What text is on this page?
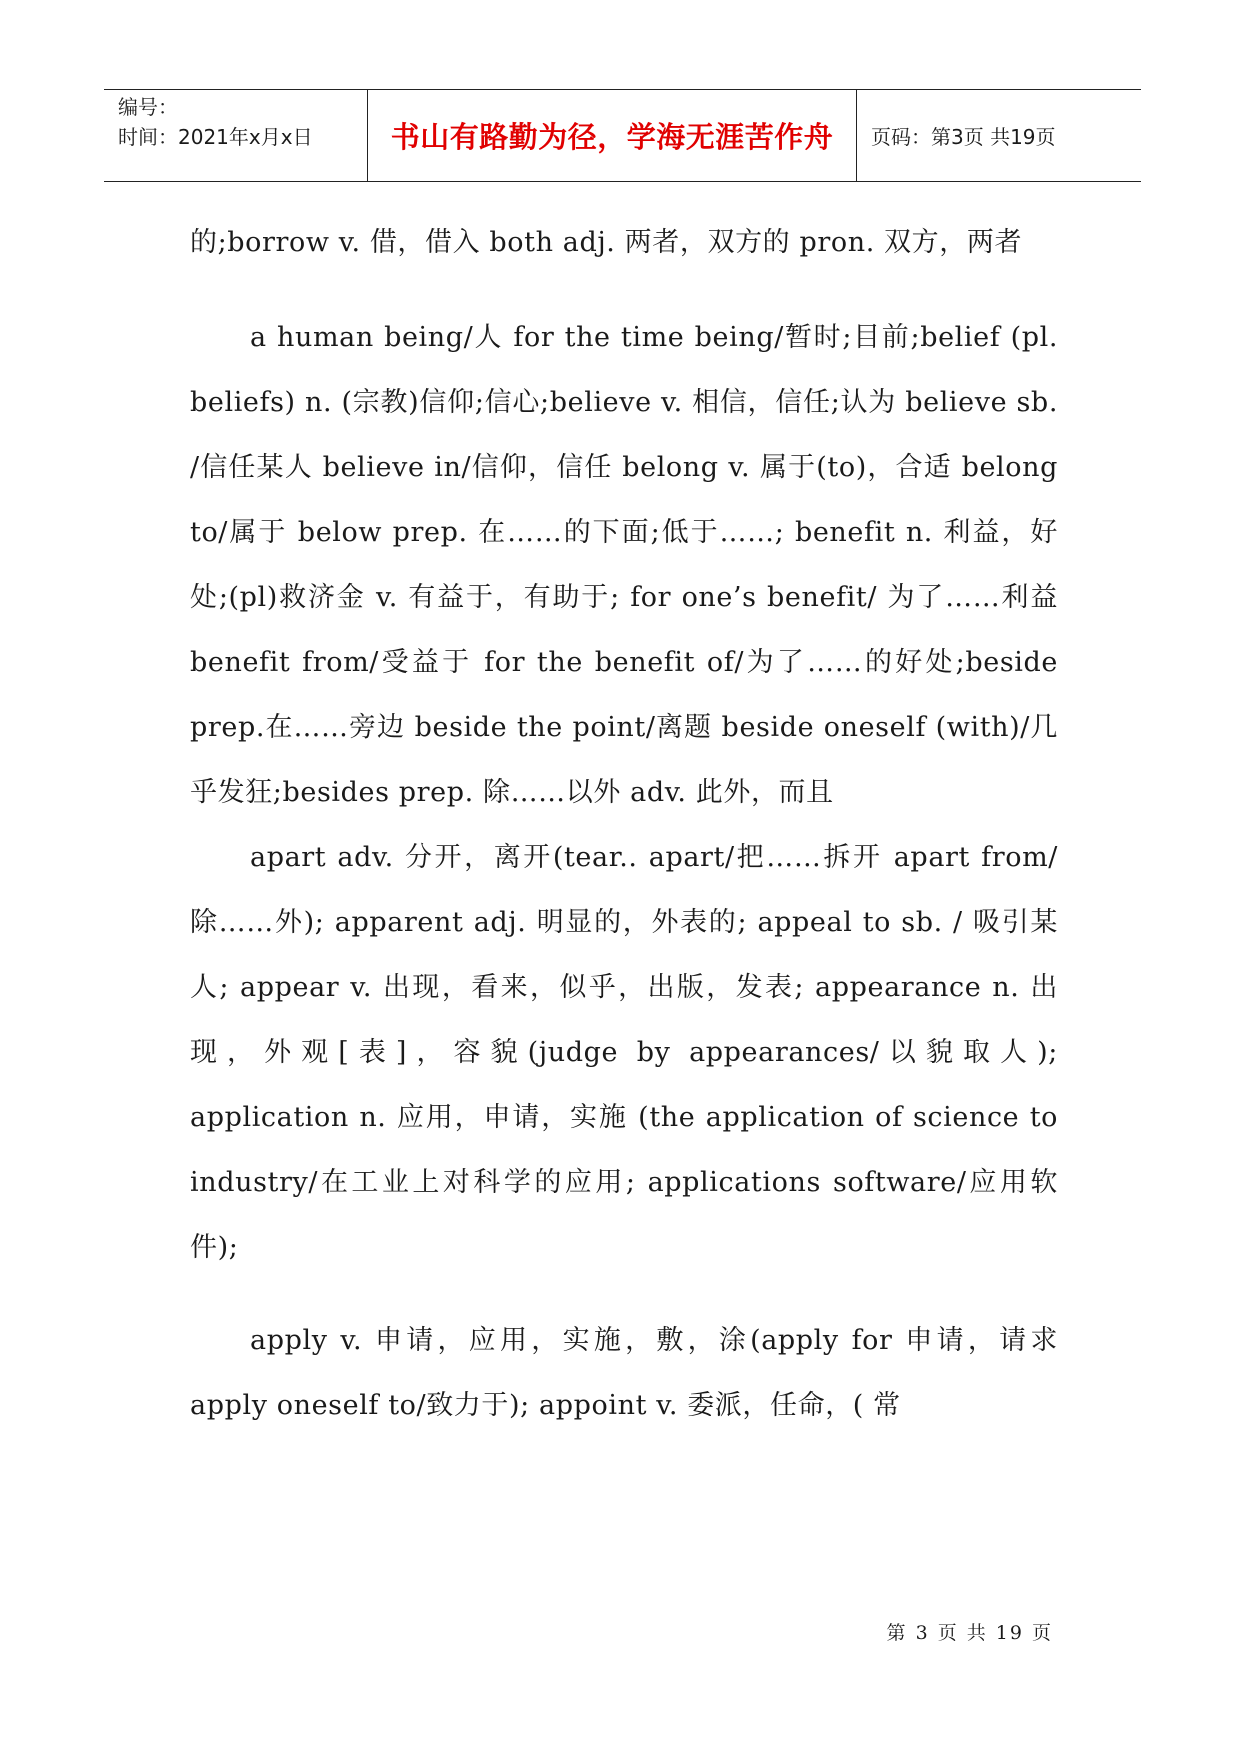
编号：
时间：2021年x月x日	书山有路勤为径，学海无涯苦作舟 页码：第3页 共19页

的;borrow v. 借，借入 both adj. 两者，双方的 pron. 双方，两者

a human being/人 for the time being/暂时;目前;belief (pl. beliefs) n. (宗教)信仰;信心;believe v. 相信，信任;认为 believe sb. /信任某人 believe in/信仰，信任 belong v. 属于(to)，合适 belong to/属于 below prep. 在……的下面;低于……; benefit n. 利益，好处;(pl)救济金 v. 有益于，有助于; for one’s benefit/ 为了……利益 benefit from/受益于 for the benefit of/为了……的好处;beside prep.在……旁边 beside the point/离题 beside oneself (with)/几乎发狂;besides prep. 除……以外 adv. 此外，而且

apart adv. 分开，离开(tear.. apart/把……拆开 apart from/除……外); apparent adj. 明显的，外表的; appeal to sb. / 吸引某人; appear v. 出现，看来，似乎，出版，发表; appearance n. 出现，外观[表]，容貌(judge by appearances/以貌取人); application n. 应用，申请，实施 (the application of science to industry/在工业上对科学的应用; applications software/应用软件);

apply v. 申请，应用，实施，敷，涂(apply for 申请，请求 apply oneself to/致力于); appoint v. 委派，任命，( 常

第 3 页 共 19 页
